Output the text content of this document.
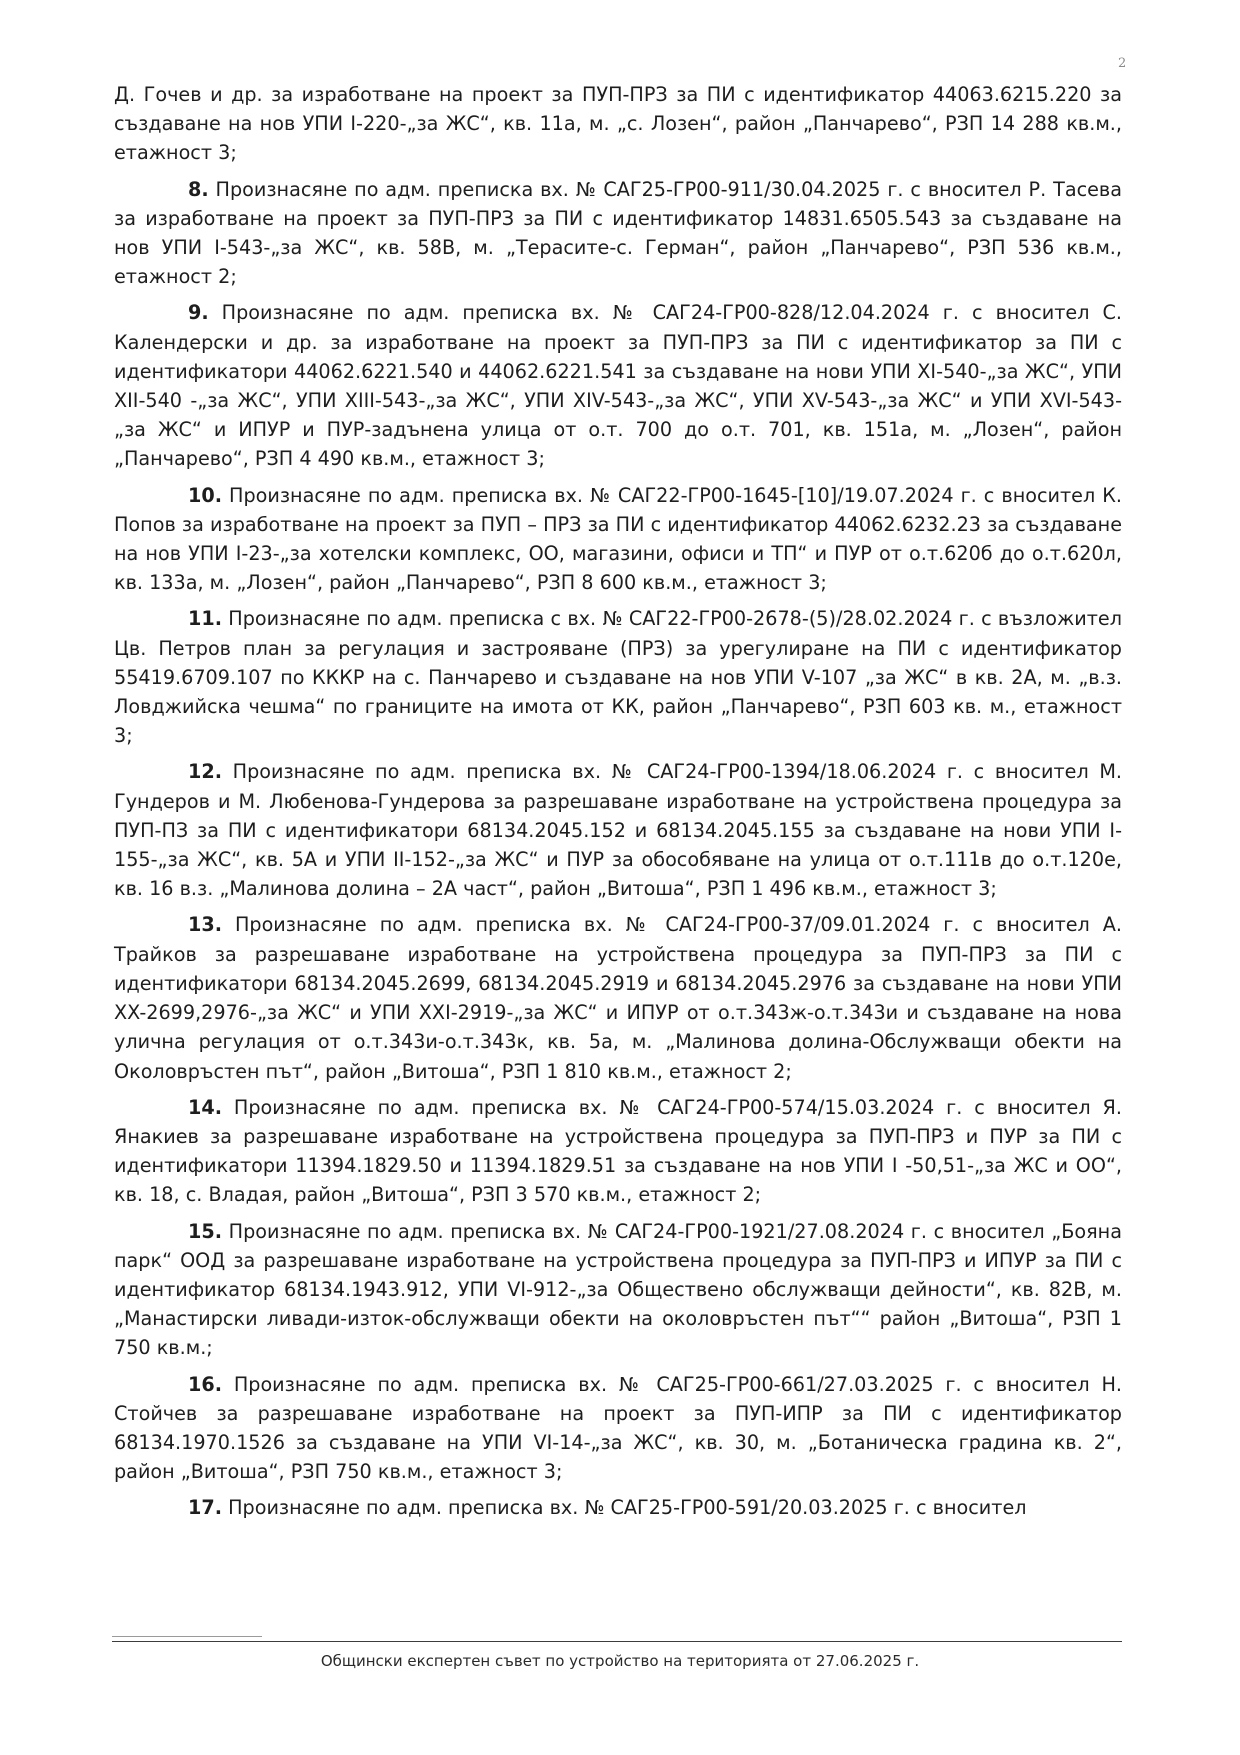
2

Д. Гочев и др. за изработване на проект за ПУП-ПРЗ за ПИ с идентификатор 44063.6215.220 за създаване на нов УПИ I-220-„за ЖС“, кв. 11а, м. „с. Лозен“, район „Панчарево“, РЗП 14 288 кв.м., етажност 3;

8. Произнасяне по адм. преписка вх. № САГ25-ГР00-911/30.04.2025 г. с вносител Р. Тасева за изработване на проект за ПУП-ПРЗ за ПИ с идентификатор 14831.6505.543 за създаване на нов УПИ I-543-„за ЖС“, кв. 58В, м. „Терасите-с. Герман“, район „Панчарево“, РЗП 536 кв.м., етажност 2;

9. Произнасяне по адм. преписка вх. № САГ24-ГР00-828/12.04.2024 г. с вносител С. Календерски и др. за изработване на проект за ПУП-ПРЗ за ПИ с идентификатор за ПИ с идентификатори 44062.6221.540 и 44062.6221.541 за създаване на нови УПИ XI-540-„за ЖС“, УПИ XII-540 -„за ЖС“, УПИ XIII-543-„за ЖС“, УПИ XIV-543-„за ЖС“, УПИ XV-543-„за ЖС“ и УПИ XVI-543-„за ЖС“ и ИПУР и ПУР-задънена улица от о.т. 700 до о.т. 701, кв. 151а, м. „Лозен“, район „Панчарево“, РЗП 4 490 кв.м., етажност 3;

10. Произнасяне по адм. преписка вх. № САГ22-ГР00-1645-[10]/19.07.2024 г. с вносител К. Попов за изработване на проект за ПУП – ПРЗ за ПИ с идентификатор 44062.6232.23 за създаване на нов УПИ I-23-„за хотелски комплекс, ОО, магазини, офиси и ТП“ и ПУР от о.т.620б до о.т.620л, кв. 133а, м. „Лозен“, район „Панчарево“, РЗП 8 600 кв.м., етажност 3;

11. Произнасяне по адм. преписка с вх. № САГ22-ГР00-2678-(5)/28.02.2024 г. с възложител Цв. Петров план за регулация и застрояване (ПРЗ) за урегулиране на ПИ с идентификатор 55419.6709.107 по КККР на с. Панчарево и създаване на нов УПИ V-107 „за ЖС“ в кв. 2А, м. „в.з. Ловджийска чешма“ по границите на имота от КК, район „Панчарево“, РЗП 603 кв. м., етажност 3;

12. Произнасяне по адм. преписка вх. № САГ24-ГР00-1394/18.06.2024 г. с вносител М. Гундеров и М. Любенова-Гундерова за разрешаване изработване на устройствена процедура за ПУП-ПЗ за ПИ с идентификатори 68134.2045.152 и 68134.2045.155 за създаване на нови УПИ I-155-„за ЖС“, кв. 5А и УПИ II-152-„за ЖС“ и ПУР за обособяване на улица от о.т.111в до о.т.120е, кв. 16 в.з. „Малинова долина – 2А част“, район „Витоша“, РЗП 1 496 кв.м., етажност 3;

13. Произнасяне по адм. преписка вх. № САГ24-ГР00-37/09.01.2024 г. с вносител А. Трайков за разрешаване изработване на устройствена процедура за ПУП-ПРЗ за ПИ с идентификатори 68134.2045.2699, 68134.2045.2919 и 68134.2045.2976 за създаване на нови УПИ XX-2699,2976-„за ЖС“ и УПИ XXI-2919-„за ЖС“ и ИПУР от о.т.343ж-о.т.343и и създаване на нова улична регулация от о.т.343и-о.т.343к, кв. 5а, м. „Малинова долина-Обслужващи обекти на Околовръстен път“, район „Витоша“, РЗП 1 810 кв.м., етажност 2;

14. Произнасяне по адм. преписка вх. № САГ24-ГР00-574/15.03.2024 г. с вносител Я. Янакиев за разрешаване изработване на устройствена процедура за ПУП-ПРЗ и ПУР за ПИ с идентификатори 11394.1829.50 и 11394.1829.51 за създаване на нов УПИ I -50,51-„за ЖС и ОО“, кв. 18, с. Владая, район „Витоша“, РЗП 3 570 кв.м., етажност 2;

15. Произнасяне по адм. преписка вх. № САГ24-ГР00-1921/27.08.2024 г. с вносител „Бояна парк“ ООД за разрешаване изработване на устройствена процедура за ПУП-ПРЗ и ИПУР за ПИ с идентификатор 68134.1943.912, УПИ VI-912-„за Обществено обслужващи дейности“, кв. 82В, м. „Манастирски ливади-изток-обслужващи обекти на околовръстен път““ район „Витоша“, РЗП 1 750 кв.м.;

16. Произнасяне по адм. преписка вх. № САГ25-ГР00-661/27.03.2025 г. с вносител Н. Стойчев за разрешаване изработване на проект за ПУП-ИПР за ПИ с идентификатор 68134.1970.1526 за създаване на УПИ VI-14-„за ЖС“, кв. 30, м. „Ботаническа градина кв. 2“, район „Витоша“, РЗП 750 кв.м., етажност 3;

17. Произнасяне по адм. преписка вх. № САГ25-ГР00-591/20.03.2025 г. с вносител

Общински експертен съвет по устройство на територията от 27.06.2025 г.
